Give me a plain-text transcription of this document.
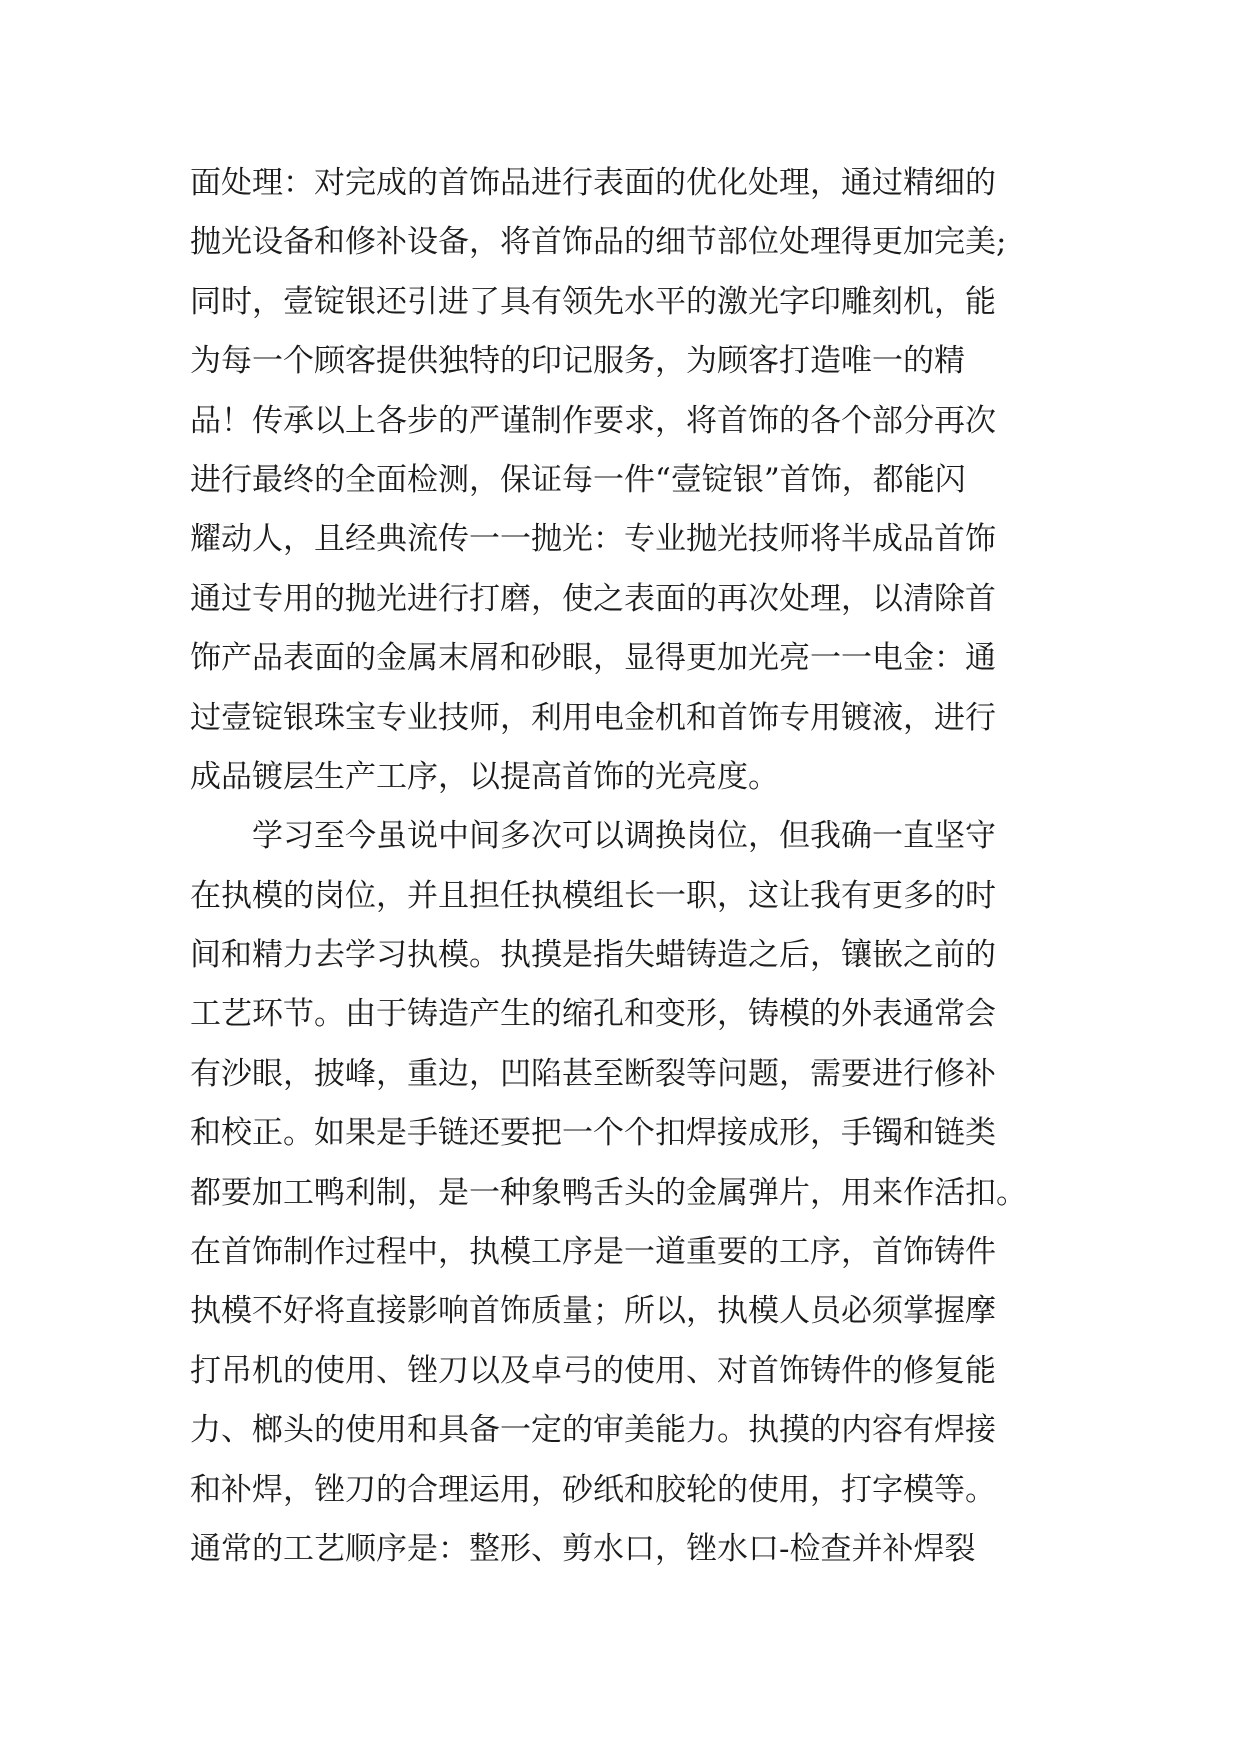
面处理：对完成的首饰品进行表面的优化处理，通过精细的
抛光设备和修补设备，将首饰品的细节部位处理得更加完美;
同时，壹锭银还引进了具有领先水平的激光字印雕刻机，能
为每一个顾客提供独特的印记服务，为顾客打造唯一的精
品！传承以上各步的严谨制作要求，将首饰的各个部分再次
进行最终的全面检测，保证每一件“壹锭银”首饰，都能闪
耀动人，且经典流传一一抛光：专业抛光技师将半成品首饰
通过专用的抛光进行打磨，使之表面的再次处理，以清除首
饰产品表面的金属末屑和砂眼，显得更加光亮一一电金：通
过壹锭银珠宝专业技师，利用电金机和首饰专用镀液，进行
成品镀层生产工序，以提高首饰的光亮度。
学习至今虽说中间多次可以调换岗位，但我确一直坚守
在执模的岗位，并且担任执模组长一职，这让我有更多的时
间和精力去学习执模。执摸是指失蜡铸造之后，镶嵌之前的
工艺环节。由于铸造产生的缩孔和变形，铸模的外表通常会
有沙眼，披峰，重边，凹陷甚至断裂等问题，需要进行修补
和校正。如果是手链还要把一个个扣焊接成形，手镯和链类
都要加工鸭利制，是一种象鸭舌头的金属弹片，用来作活扣。
在首饰制作过程中，执模工序是一道重要的工序，首饰铸件
执模不好将直接影响首饰质量；所以，执模人员必须掌握摩
打吊机的使用、锉刀以及卓弓的使用、对首饰铸件的修复能
力、榔头的使用和具备一定的审美能力。执摸的内容有焊接
和补焊，锉刀的合理运用，砂纸和胶轮的使用，打字模等。
通常的工艺顺序是：整形、剪水口，锉水口-检查并补焊裂
